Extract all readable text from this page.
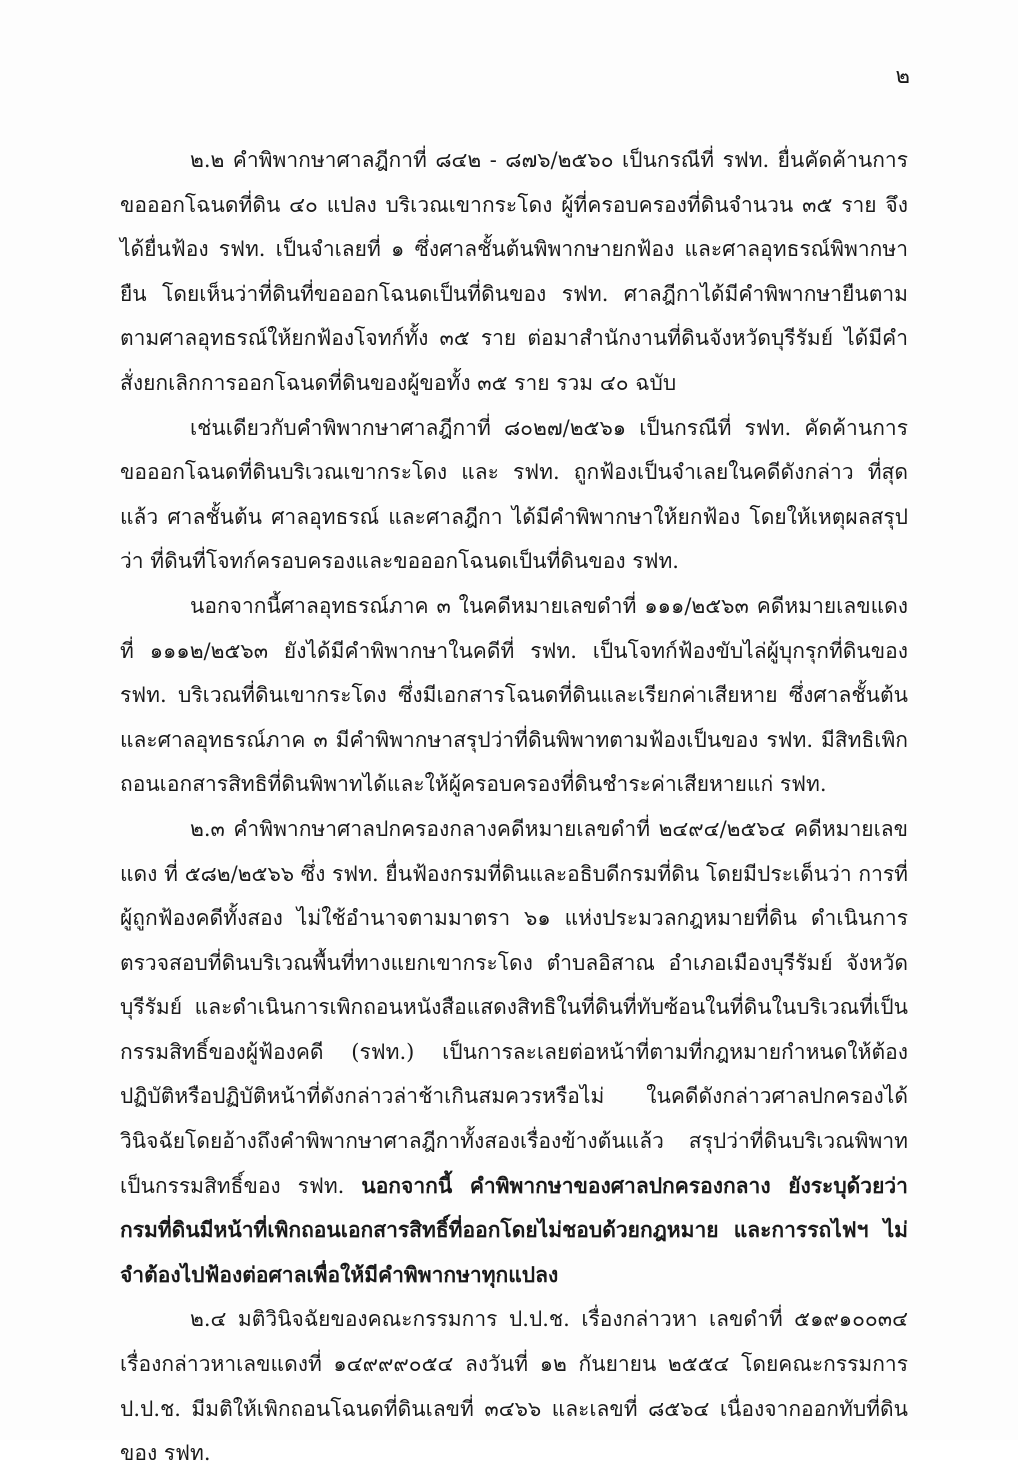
๒

๒.๒ คำพิพากษาศาลฎีกาที่ ๘๔๒ - ๘๗๖/๒๕๖๐ เป็นกรณีที่ รฟท. ยื่นคัดค้านการขอออกโฉนดที่ดิน ๔๐ แปลง บริเวณเขากระโดง ผู้ที่ครอบครองที่ดินจำนวน ๓๕ ราย จึงได้ยื่นฟ้อง รฟท. เป็นจำเลยที่ ๑ ซึ่งศาลชั้นต้นพิพากษายกฟ้อง และศาลอุทธรณ์พิพากษายืน โดยเห็นว่าที่ดินที่ขอออกโฉนดเป็นที่ดินของ รฟท. ศาลฎีกาได้มีคำพิพากษายืนตามตามศาลอุทธรณ์ให้ยกฟ้องโจทก์ทั้ง ๓๕ ราย ต่อมาสำนักงานที่ดินจังหวัดบุรีรัมย์ ได้มีคำสั่งยกเลิกการออกโฉนดที่ดินของผู้ขอทั้ง ๓๕ ราย รวม ๔๐ ฉบับ

เช่นเดียวกับคำพิพากษาศาลฎีกาที่ ๘๐๒๗/๒๕๖๑ เป็นกรณีที่ รฟท. คัดค้านการขอออกโฉนดที่ดินบริเวณเขากระโดง และ รฟท. ถูกฟ้องเป็นจำเลยในคดีดังกล่าว ที่สุดแล้ว ศาลชั้นต้น ศาลอุทธรณ์ และศาลฎีกา ได้มีคำพิพากษาให้ยกฟ้อง โดยให้เหตุผลสรุปว่า ที่ดินที่โจทก์ครอบครองและขอออกโฉนดเป็นที่ดินของ รฟท.

นอกจากนี้ศาลอุทธรณ์ภาค ๓ ในคดีหมายเลขดำที่ ๑๑๑/๒๕๖๓ คดีหมายเลขแดงที่ ๑๑๑๒/๒๕๖๓ ยังได้มีคำพิพากษาในคดีที่ รฟท. เป็นโจทก์ฟ้องขับไล่ผู้บุกรุกที่ดินของ รฟท. บริเวณที่ดินเขากระโดง ซึ่งมีเอกสารโฉนดที่ดินและเรียกค่าเสียหาย ซึ่งศาลชั้นต้น และศาลอุทธรณ์ภาค ๓ มีคำพิพากษาสรุปว่าที่ดินพิพาทตามฟ้องเป็นของ รฟท. มีสิทธิเพิกถอนเอกสารสิทธิที่ดินพิพาทได้และให้ผู้ครอบครองที่ดินชำระค่าเสียหายแก่ รฟท.

๒.๓ คำพิพากษาศาลปกครองกลางคดีหมายเลขดำที่ ๒๔๙๔/๒๕๖๔ คดีหมายเลขแดง ที่ ๕๘๒/๒๕๖๖ ซึ่ง รฟท. ยื่นฟ้องกรมที่ดินและอธิบดีกรมที่ดิน โดยมีประเด็นว่า การที่ผู้ถูกฟ้องคดีทั้งสอง ไม่ใช้อำนาจตามมาตรา ๖๑ แห่งประมวลกฎหมายที่ดิน ดำเนินการตรวจสอบที่ดินบริเวณพื้นที่ทางแยกเขากระโดง ตำบลอิสาณ อำเภอเมืองบุรีรัมย์ จังหวัดบุรีรัมย์ และดำเนินการเพิกถอนหนังสือแสดงสิทธิในที่ดินที่ทับซ้อนในที่ดินในบริเวณที่เป็นกรรมสิทธิ์ของผู้ฟ้องคดี (รฟท.) เป็นการละเลยต่อหน้าที่ตามที่กฎหมายกำหนดให้ต้องปฏิบัติหรือปฏิบัติหน้าที่ดังกล่าวล่าช้าเกินสมควรหรือไม่ ในคดีดังกล่าวศาลปกครองได้วินิจฉัยโดยอ้างถึงคำพิพากษาศาลฎีกาทั้งสองเรื่องข้างต้นแล้ว สรุปว่าที่ดินบริเวณพิพาทเป็นกรรมสิทธิ์ของ รฟท. นอกจากนี้ คำพิพากษาของศาลปกครองกลาง ยังระบุด้วยว่า กรมที่ดินมีหน้าที่เพิกถอนเอกสารสิทธิ์ที่ออกโดยไม่ชอบด้วยกฎหมาย และการรถไฟฯ ไม่จำต้องไปฟ้องต่อศาลเพื่อให้มีคำพิพากษาทุกแปลง

๒.๔ มติวินิจฉัยของคณะกรรมการ ป.ป.ช. เรื่องกล่าวหา เลขดำที่ ๕๑๙๑๐๐๓๔ เรื่องกล่าวหาเลขแดงที่ ๑๔๙๙๙๐๕๔ ลงวันที่ ๑๒ กันยายน ๒๕๕๔ โดยคณะกรรมการ ป.ป.ช. มีมติให้เพิกถอนโฉนดที่ดินเลขที่ ๓๔๖๖ และเลขที่ ๘๕๖๔ เนื่องจากออกทับที่ดินของ รฟท.
